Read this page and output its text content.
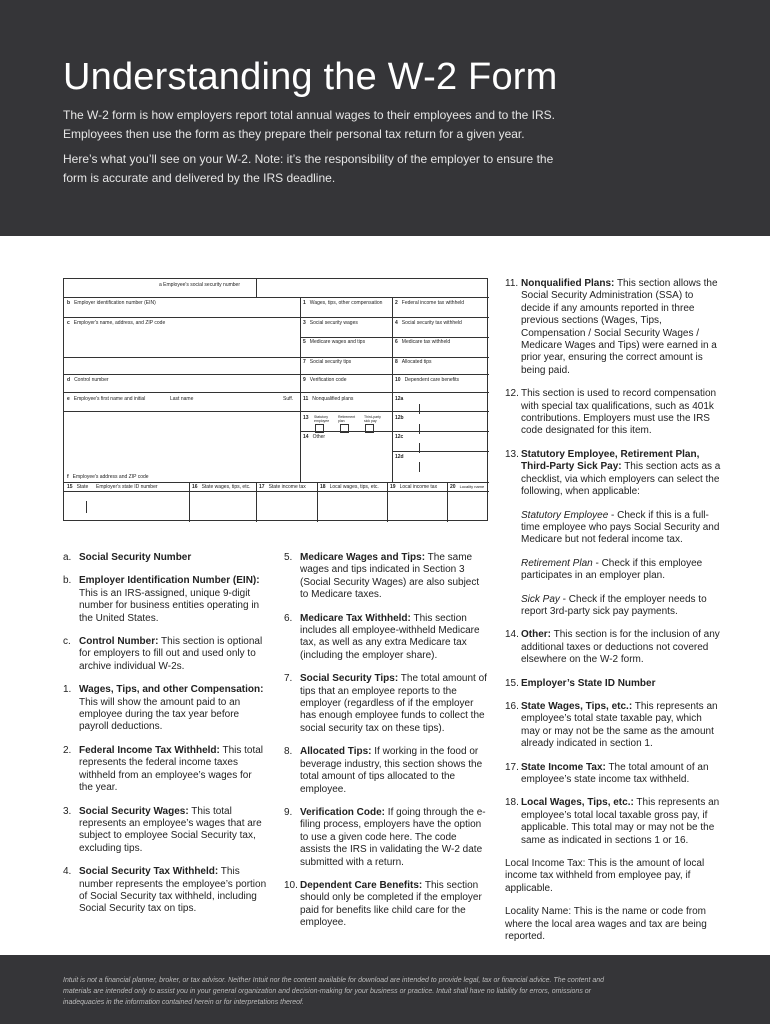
Understanding the W-2 Form
The W-2 form is how employers report total annual wages to their employees and to the IRS. Employees then use the form as they prepare their personal tax return for a given year.
Here’s what you’ll see on your W-2. Note: it’s the responsibility of the employer to ensure the form is accurate and delivered by the IRS deadline.
a Employee's social security number
b Employer identification number (EIN)
c Employer's name, address, and ZIP code
d Control number
e Employee's first name and initial	Last name	Suff.
f Employee's address and ZIP code
1 Wages, tips, other compensation	2 Federal income tax withheld
3 Social security wages	4 Social security tax withheld
5 Medicare wages and tips	6 Medicare tax withheld
7 Social security tips	8 Allocated tips
9 Verification code	10 Dependent care benefits
11 Nonqualified plans
13	Statutory employee
Retirement plan
Third-party sick pay
14 Other
12a
12b
12c
12d
15 State Employer's state ID number	16 State wages, tips, etc. 17 State income tax	18 Local wages, tips, etc. 19 Local income tax	20 Locality name
11. Nonqualified Plans: This section allows the Social Security Administration (SSA) to decide if any amounts reported in three previous sections (Wages, Tips, Compensation / Social Security Wages / Medicare Wages and Tips) were earned in a prior year, ensuring the correct amount is being paid.
12. This section is used to record compensation with special tax qualifications, such as 401k contributions. Employers must use the IRS code designated for this item.
13. Statutory Employee, Retirement Plan, Third-Party Sick Pay: This section acts as a checklist, via which employers can select the following, when applicable:
Statutory Employee - Check if this is a full-time employee who pays Social Security and Medicare but not federal income tax.
Retirement Plan - Check if this employee participates in an employer plan.
Sick Pay - Check if the employer needs to report 3rd-party sick pay payments.
14. Other: This section is for the inclusion of any additional taxes or deductions not covered elsewhere on the W-2 form.
15. Employer’s State ID Number
16. State Wages, Tips, etc.: This represents an employee’s total state taxable pay, which may or may not be the same as the amount already indicated in section 1.
17. State Income Tax: The total amount of an employee’s state income tax withheld.
18. Local Wages, Tips, etc.: This represents an employee’s total local taxable gross pay, if applicable. This total may or may not be the same as indicated in sections 1 or 16.
Local Income Tax: This is the amount of local income tax withheld from employee pay, if applicable.
Locality Name: This is the name or code from where the local area wages and tax are being reported.
a. Social Security Number
b. Employer Identification Number (EIN): This is an IRS-assigned, unique 9-digit number for business entities operating in the United States.
c. Control Number: This section is optional for employers to fill out and used only to archive individual W-2s.
1. Wages, Tips, and other Compensation: This will show the amount paid to an employee during the tax year before payroll deductions.
2. Federal Income Tax Withheld: This total represents the federal income taxes withheld from an employee’s wages for the year.
3. Social Security Wages: This total represents an employee’s wages that are subject to employee Social Security tax, excluding tips.
4. Social Security Tax Withheld: This number represents the employee’s portion of Social Security tax withheld, including Social Security tax on tips.
5. Medicare Wages and Tips: The same wages and tips indicated in Section 3 (Social Security Wages) are also subject to Medicare taxes.
6. Medicare Tax Withheld: This section includes all employee-withheld Medicare tax, as well as any extra Medicare tax (including the employer share).
7. Social Security Tips: The total amount of tips that an employee reports to the employer (regardless of if the employer has enough employee funds to collect the social security tax on these tips).
8. Allocated Tips: If working in the food or beverage industry, this section shows the total amount of tips allocated to the employee.
9. Verification Code: If going through the e-filing process, employers have the option to use a given code here. The code assists the IRS in validating the W-2 date submitted with a return.
10. Dependent Care Benefits: This section should only be completed if the employer paid for benefits like child care for the employee.
Intuit is not a financial planner, broker, or tax advisor. Neither Intuit nor the content available for download are intended to provide legal, tax or financial advice. The content and materials are intended only to assist you in your general organization and decision-making for your business or practice. Intuit shall have no liability for errors, omissions or inadequacies in the information contained herein or for interpretations thereof.
